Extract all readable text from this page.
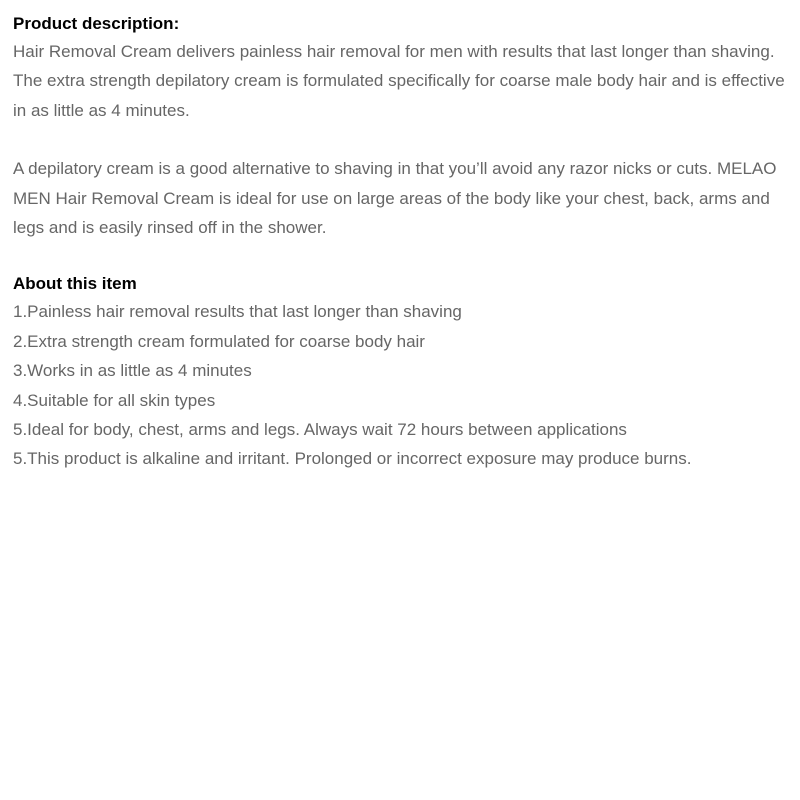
Product description:

Hair Removal Cream delivers painless hair removal for men with results that last longer than shaving. The extra strength depilatory cream is formulated specifically for coarse male body hair and is effective in as little as 4 minutes.

A depilatory cream is a good alternative to shaving in that you’ll avoid any razor nicks or cuts. MELAO MEN Hair Removal Cream is ideal for use on large areas of the body like your chest, back, arms and legs and is easily rinsed off in the shower.

About this item
1.Painless hair removal results that last longer than shaving
2.Extra strength cream formulated for coarse body hair
3.Works in as little as 4 minutes
4.Suitable for all skin types
5.Ideal for body, chest, arms and legs. Always wait 72 hours between applications
5.This product is alkaline and irritant. Prolonged or incorrect exposure may produce burns.
